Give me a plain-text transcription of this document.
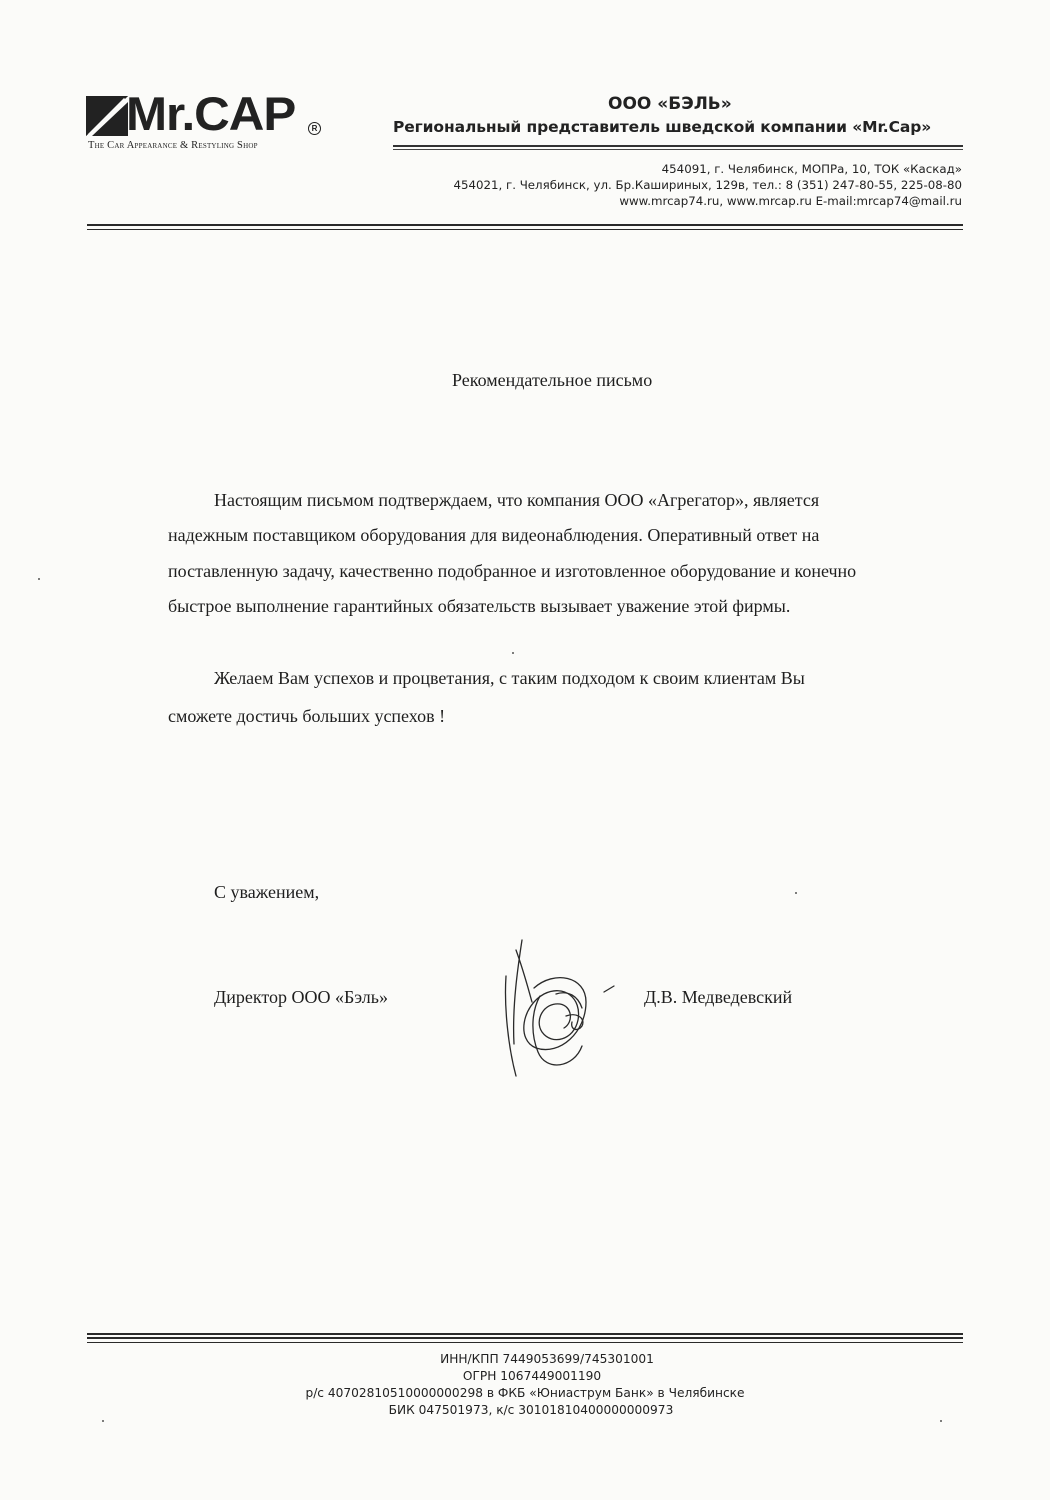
Mr.CAP	R
The Car Appearance & Restyling Shop
ООО «БЭЛЬ»
Региональный представитель шведской компании «Mr.Cap»
454091, г. Челябинск, МОПРа, 10, ТОК «Каскад»
454021, г. Челябинск, ул. Бр.Кашириных, 129в, тел.: 8 (351) 247-80-55, 225-08-80
www.mrcap74.ru, www.mrcap.ru E-mail:mrcap74@mail.ru
Рекомендательное письмо
Настоящим письмом подтверждаем, что компания ООО «Агрегатор», является
надежным поставщиком оборудования для видеонаблюдения. Оперативный ответ на
поставленную задачу, качественно подобранное и изготовленное оборудование и конечно
быстрое выполнение гарантийных обязательств вызывает уважение этой фирмы.
Желаем Вам успехов и процветания, с таким подходом к своим клиентам Вы
сможете достичь больших успехов !
С уважением,
Директор ООО «Бэль»	Д.В. Медведевский
ИНН/КПП 7449053699/745301001
ОГРН 1067449001190
р/с 40702810510000000298 в ФКБ «Юниаструм Банк» в Челябинске
БИК 047501973, к/с 30101810400000000973
